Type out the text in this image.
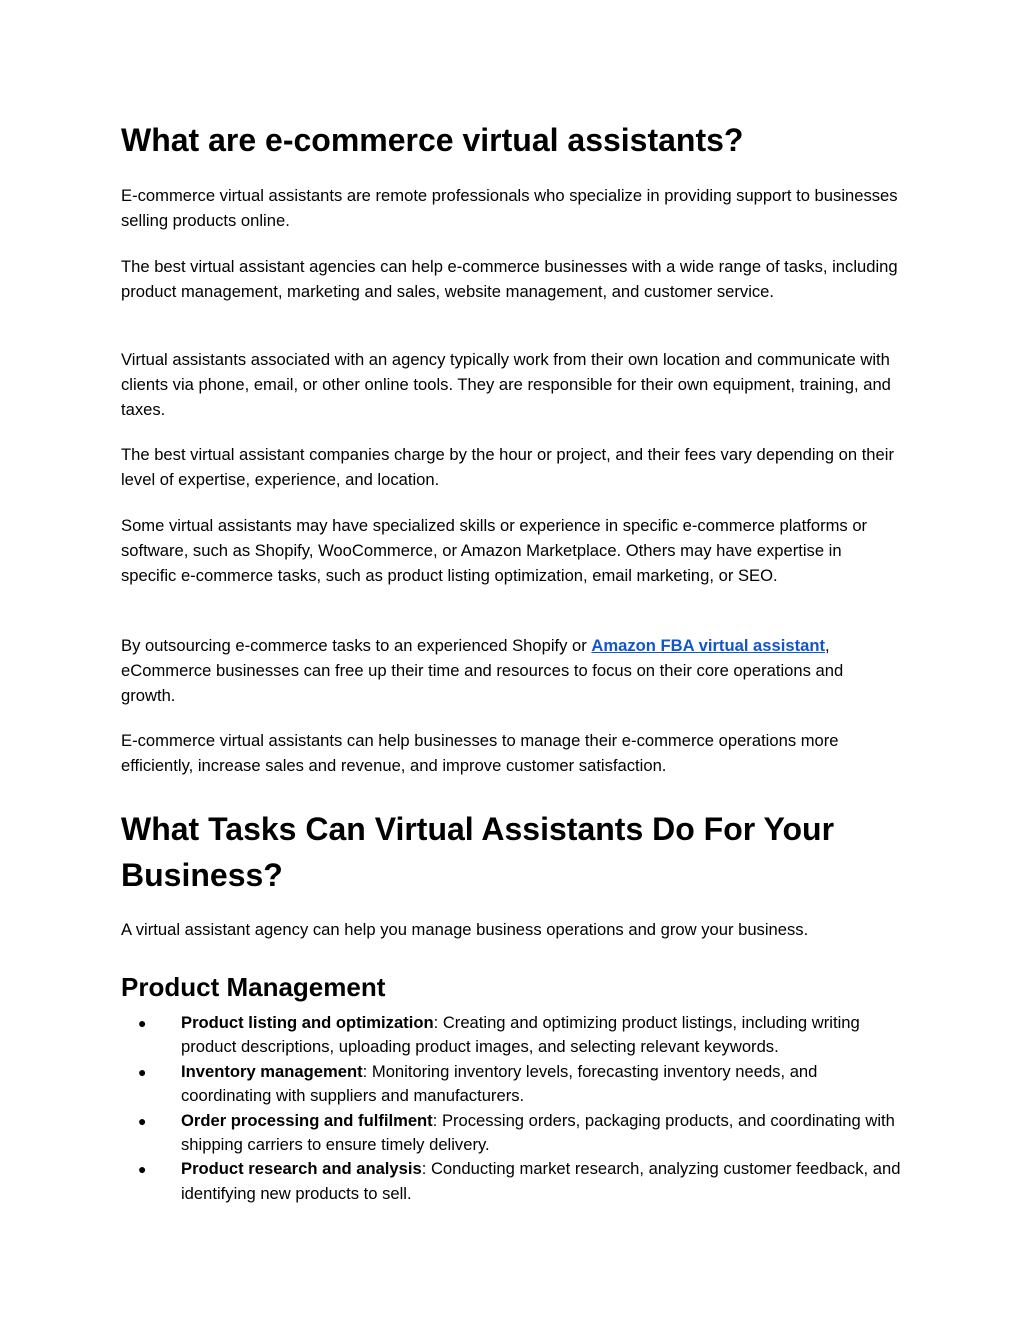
What are e-commerce virtual assistants?

E-commerce virtual assistants are remote professionals who specialize in providing support to businesses selling products online.

The best virtual assistant agencies can help e-commerce businesses with a wide range of tasks, including product management, marketing and sales, website management, and customer service.

Virtual assistants associated with an agency typically work from their own location and communicate with clients via phone, email, or other online tools. They are responsible for their own equipment, training, and taxes.

The best virtual assistant companies charge by the hour or project, and their fees vary depending on their level of expertise, experience, and location.

Some virtual assistants may have specialized skills or experience in specific e-commerce platforms or software, such as Shopify, WooCommerce, or Amazon Marketplace. Others may have expertise in specific e-commerce tasks, such as product listing optimization, email marketing, or SEO.

By outsourcing e-commerce tasks to an experienced Shopify or Amazon FBA virtual assistant, eCommerce businesses can free up their time and resources to focus on their core operations and growth.

E-commerce virtual assistants can help businesses to manage their e-commerce operations more efficiently, increase sales and revenue, and improve customer satisfaction.

What Tasks Can Virtual Assistants Do For Your Business?

A virtual assistant agency can help you manage business operations and grow your business.

Product Management
● Product listing and optimization: Creating and optimizing product listings, including writing product descriptions, uploading product images, and selecting relevant keywords.
● Inventory management: Monitoring inventory levels, forecasting inventory needs, and coordinating with suppliers and manufacturers.
● Order processing and fulfilment: Processing orders, packaging products, and coordinating with shipping carriers to ensure timely delivery.
● Product research and analysis: Conducting market research, analyzing customer feedback, and identifying new products to sell.
